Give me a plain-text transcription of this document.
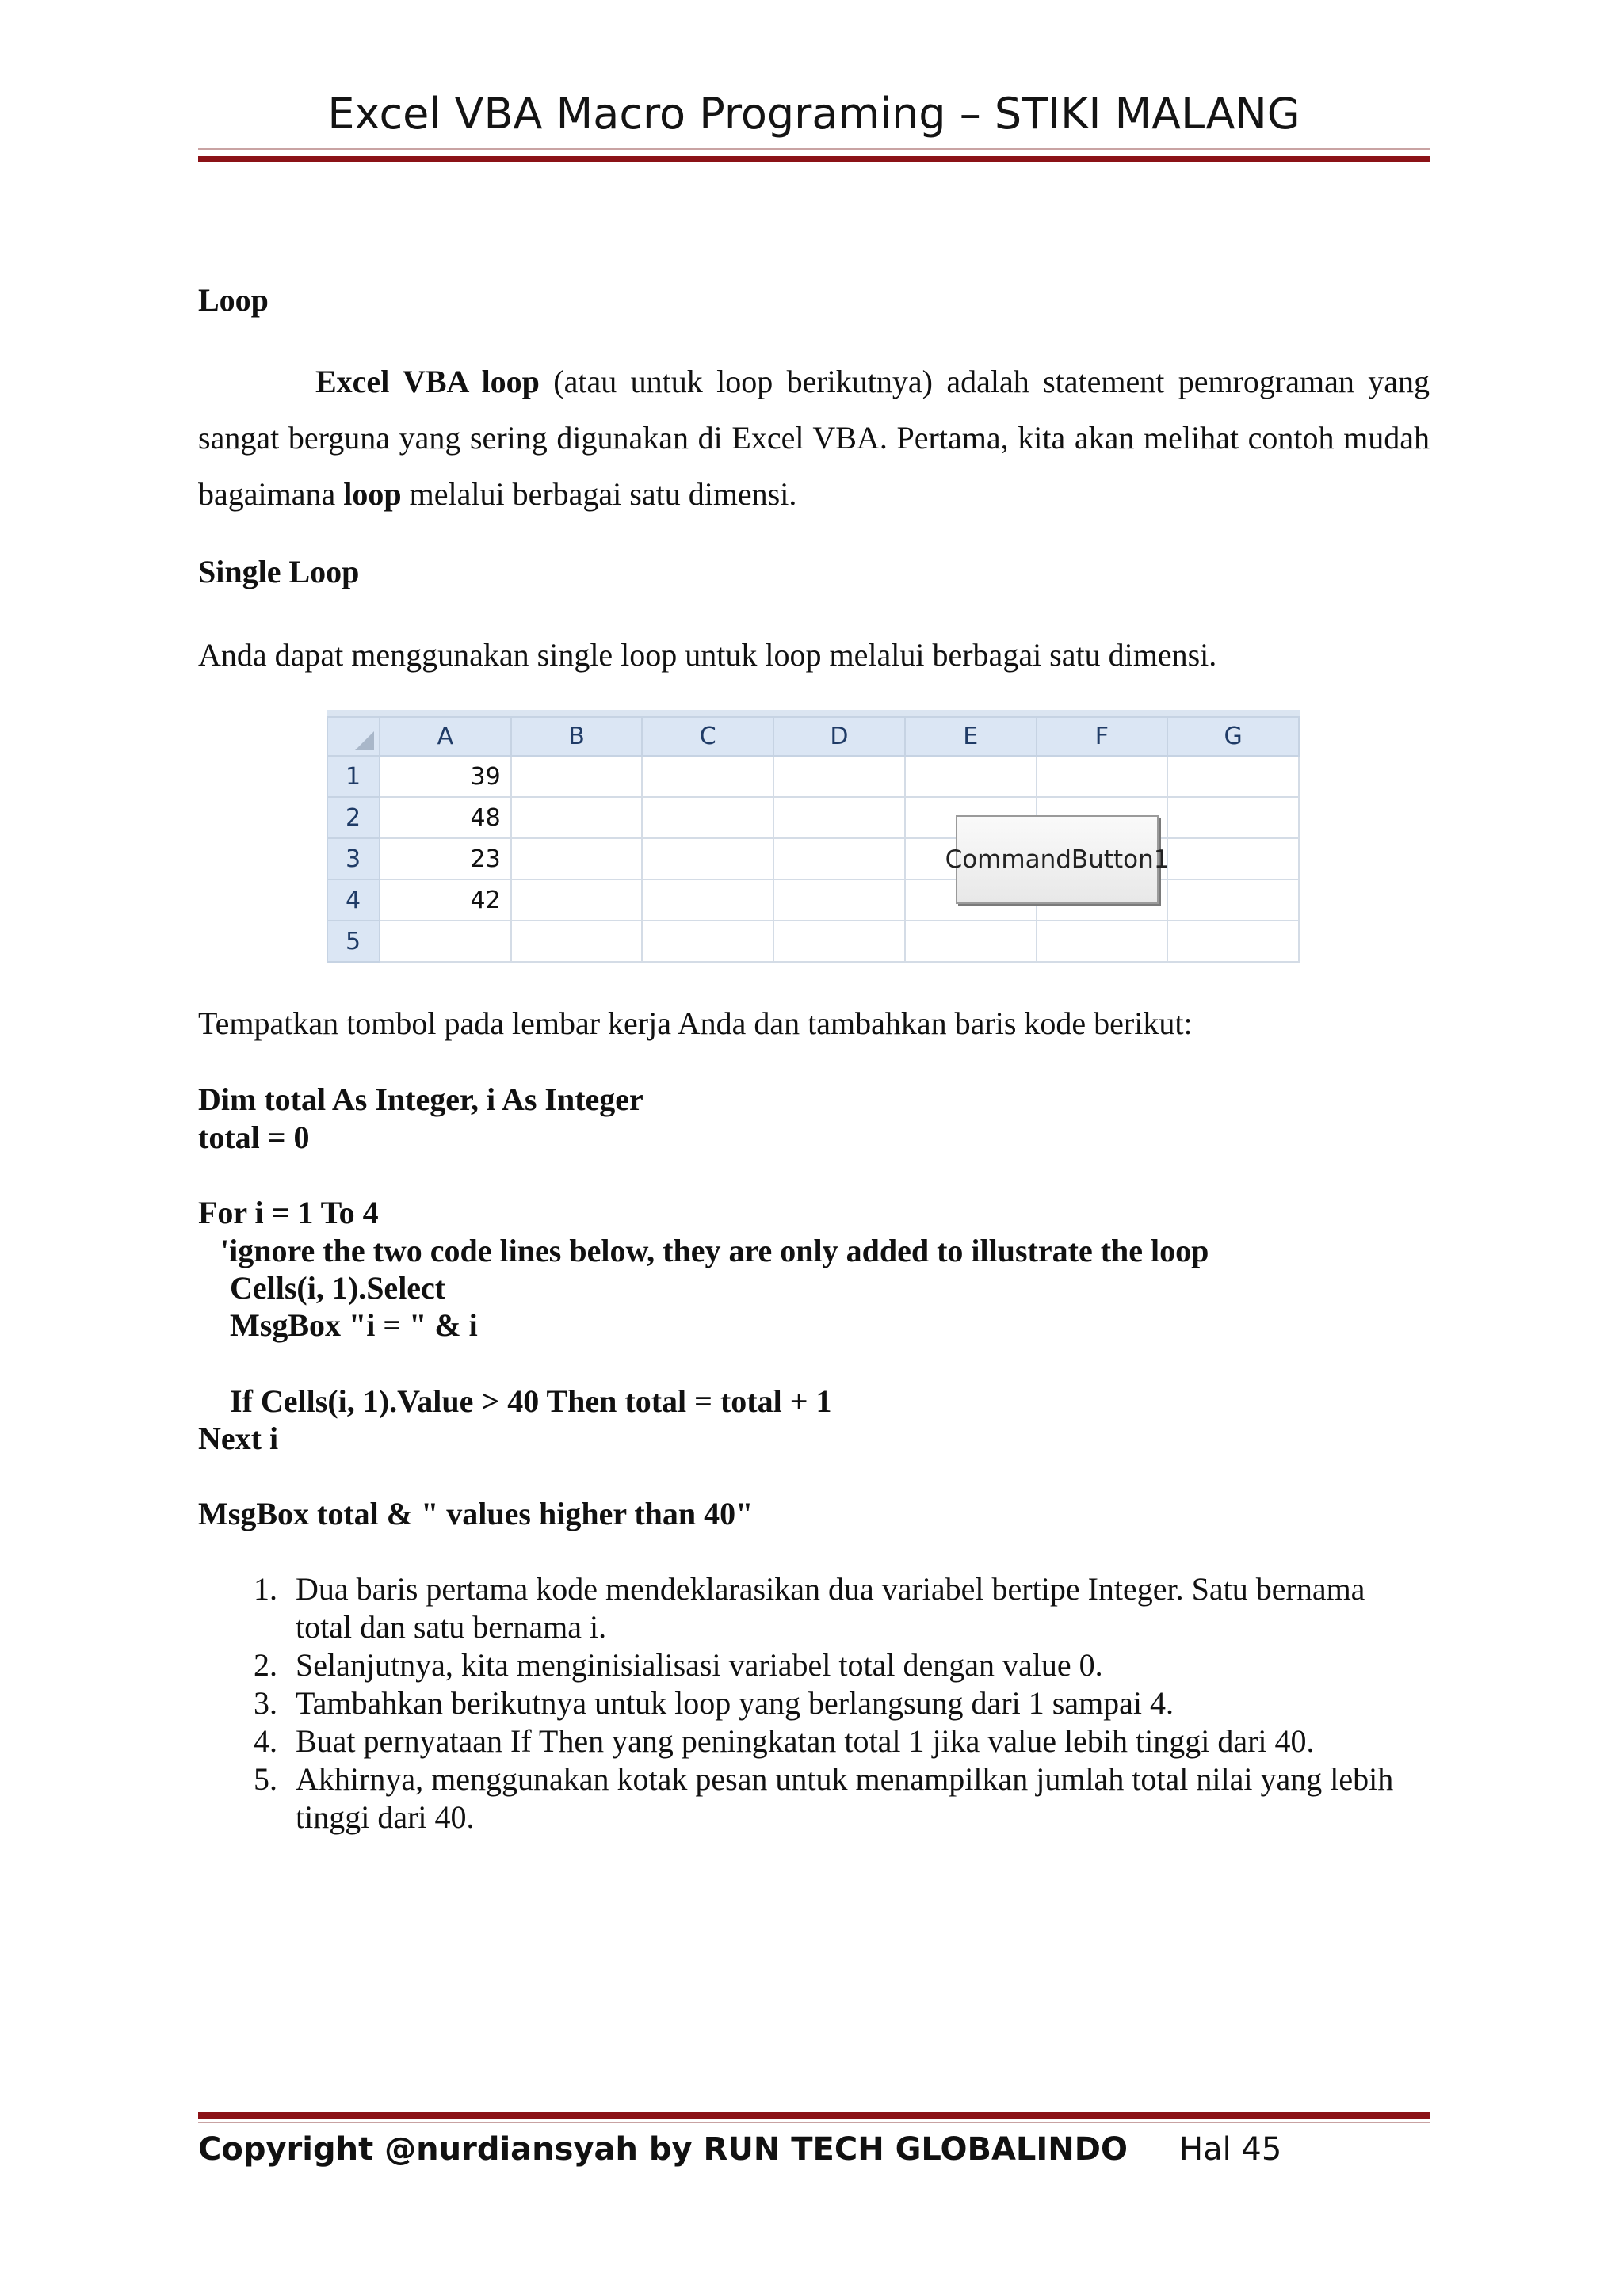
Excel VBA Macro Programing – STIKI MALANG
Loop
Excel VBA loop (atau untuk loop berikutnya) adalah statement pemrograman yang sangat berguna yang sering digunakan di Excel VBA. Pertama, kita akan melihat contoh mudah bagaimana loop melalui berbagai satu dimensi.
Single Loop
Anda dapat menggunakan single loop untuk loop melalui berbagai satu dimensi.
	A	B	C	D	E	F	G
1	39						
2	48						
3	23						
4	42						
5							
CommandButton1
Tempatkan tombol pada lembar kerja Anda dan tambahkan baris kode berikut:
Dim total As Integer, i As Integer
total = 0
For i = 1 To 4
'ignore the two code lines below, they are only added to illustrate the loop
Cells(i, 1).Select
MsgBox "i = " & i
If Cells(i, 1).Value > 40 Then total = total + 1
Next i
MsgBox total & " values higher than 40"
1. Dua baris pertama kode mendeklarasikan dua variabel bertipe Integer. Satu bernama total dan satu bernama i.
2. Selanjutnya, kita menginisialisasi variabel total dengan value 0.
3. Tambahkan berikutnya untuk loop yang berlangsung dari 1 sampai 4.
4. Buat pernyataan If Then yang peningkatan total 1 jika value lebih tinggi dari 40.
5. Akhirnya, menggunakan kotak pesan untuk menampilkan jumlah total nilai yang lebih tinggi dari 40.
Copyright @nurdiansyah by RUN TECH GLOBALINDO Hal 45
